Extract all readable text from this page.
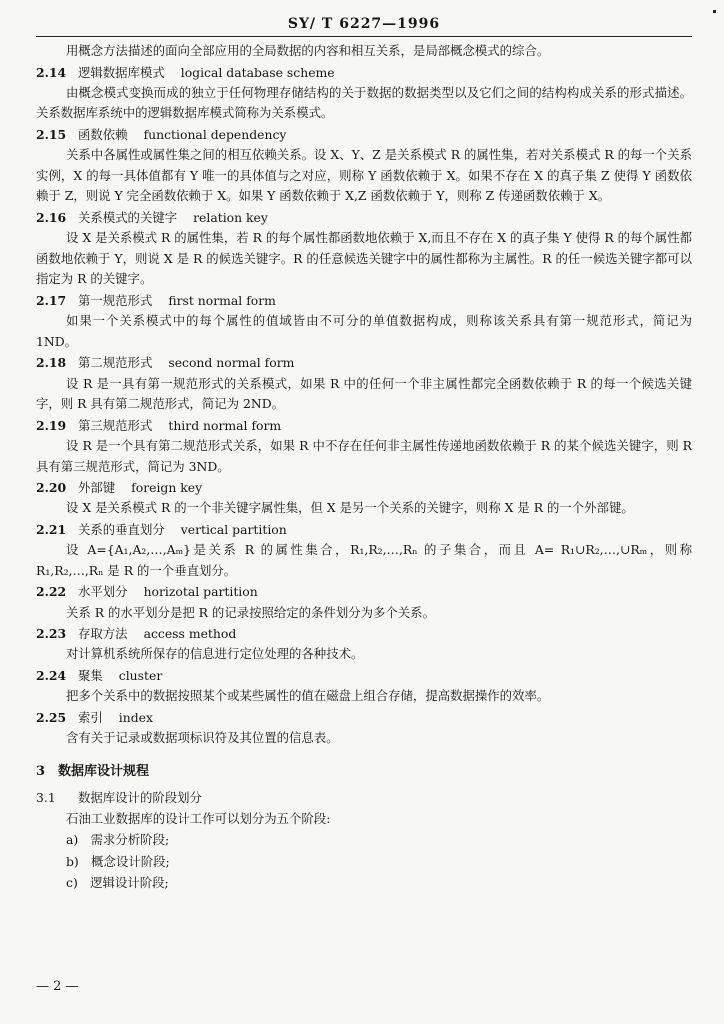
SY/ T 6227—1996

用概念方法描述的面向全部应用的全局数据的内容和相互关系，是局部概念模式的综合。

2.14 逻辑数据库模式 logical database scheme

由概念模式变换而成的独立于任何物理存储结构的关于数据的数据类型以及它们之间的结构构成关系的形式描述。关系数据库系统中的逻辑数据库模式简称为关系模式。

2.15 函数依赖 functional dependency

关系中各属性或属性集之间的相互依赖关系。设 X、Y、Z 是关系模式 R 的属性集，若对关系模式 R 的每一个关系实例，X 的每一具体值都有 Y 唯一的具体值与之对应，则称 Y 函数依赖于 X。如果不存在 X 的真子集 Z 使得 Y 函数依赖于 Z，则说 Y 完全函数依赖于 X。如果 Y 函数依赖于 X,Z 函数依赖于 Y，则称 Z 传递函数依赖于 X。

2.16 关系模式的关键字 relation key

设 X 是关系模式 R 的属性集，若 R 的每个属性都函数地依赖于 X,而且不存在 X 的真子集 Y 使得 R 的每个属性都函数地依赖于 Y，则说 X 是 R 的候选关键字。R 的任意候选关键字中的属性都称为主属性。R 的任一候选关键字都可以指定为 R 的关键字。

2.17 第一规范形式 first normal form

如果一个关系模式中的每个属性的值域皆由不可分的单值数据构成，则称该关系具有第一规范形式，简记为 1ND。

2.18 第二规范形式 second normal form

设 R 是一具有第一规范形式的关系模式，如果 R 中的任何一个非主属性都完全函数依赖于 R 的每一个候选关键字，则 R 具有第二规范形式，简记为 2ND。

2.19 第三规范形式 third normal form

设 R 是一个具有第二规范形式关系，如果 R 中不存在任何非主属性传递地函数依赖于 R 的某个候选关键字，则 R 具有第三规范形式，简记为 3ND。

2.20 外部键 foreign key

设 X 是关系模式 R 的一个非关键字属性集，但 X 是另一个关系的关键字，则称 X 是 R 的一个外部键。

2.21 关系的垂直划分 vertical partition

设 A={A₁,A₂,…,Aₘ}是关系 R 的属性集合，R₁,R₂,…,Rₙ 的子集合，而且 A= R₁∪R₂,…,∪Rₘ，则称 R₁,R₂,…,Rₙ 是 R 的一个垂直划分。

2.22 水平划分 horizotal partition

关系 R 的水平划分是把 R 的记录按照给定的条件划分为多个关系。

2.23 存取方法 access method

对计算机系统所保存的信息进行定位处理的各种技术。

2.24 聚集 cluster

把多个关系中的数据按照某个或某些属性的值在磁盘上组合存储，提高数据操作的效率。

2.25 索引 index

含有关于记录或数据项标识符及其位置的信息表。

3　数据库设计规程
3.1	数据库设计的阶段划分

石油工业数据库的设计工作可以划分为五个阶段:

a)　需求分析阶段;
b)　概念设计阶段;
c)　逻辑设计阶段;
— 2 —
